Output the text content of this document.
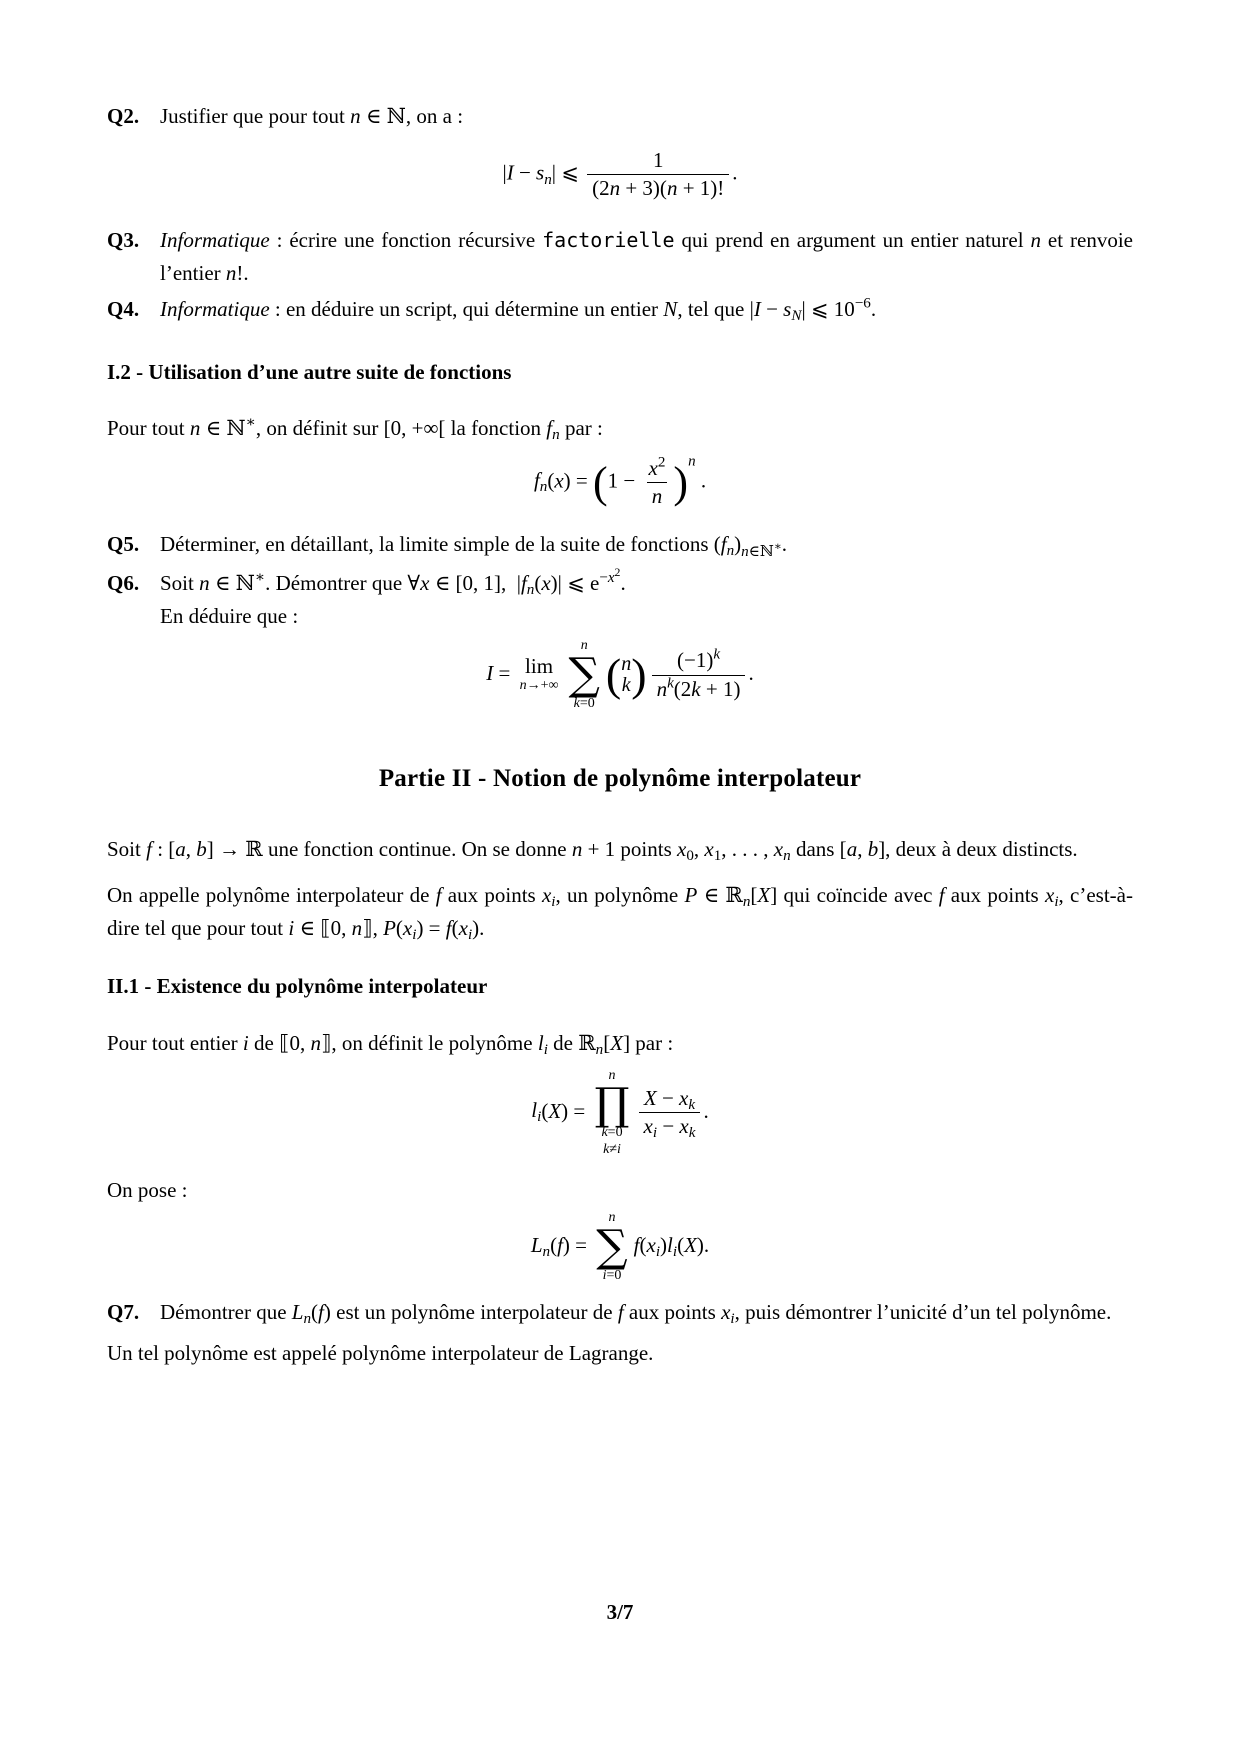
Q2. Justifier que pour tout n ∈ ℕ, on a :
$|I - s_n|$ ⩽ $\frac{1}{(2n + 3)(n + 1)!}$ .
Q3. Informatique : écrire une fonction récursive factorielle qui prend en argument un entier naturel n et renvoie l’entier n!.
Q4. Informatique : en déduire un script, qui détermine un entier N, tel que $|I - s_N|$ ⩽ $10^{-6}$.
I.2 - Utilisation d’une autre suite de fonctions
Pour tout n ∈ ℕ∗, on définit sur [0, +∞[ la fonction $f_n$ par :
$f_n(x) = (1 - \frac{x^2}{n} )^n$ .
Q5. Déterminer, en détaillant, la limite simple de la suite de fonctions $(f_n)_{n\in ℕ^∗}$.
Q6. Soit n ∈ ℕ∗. Démontrer que ∀x ∈ [0, 1],  $|f_n(x)|$ ⩽ $e^{-x^2}$.
En déduire que :
I = lim
n→+∞
n
∑
k=0
( n
k ) $\frac{(-1)^k}{n^k(2k + 1)}$ .
Partie II - Notion de polynôme interpolateur
Soit f : [a, b] → ℝ une fonction continue. On se donne n + 1 points $x_0$, $x_1$, . . . , $x_n$ dans [a, b], deux à deux distincts.
On appelle polynôme interpolateur de f aux points $x_i$, un polynôme P ∈ ℝ$_n$[X] qui coïncide avec f aux points $x_i$, c’est-à-dire tel que pour tout i ∈ ⟦0, n⟧, $P(x_i) = f(x_i)$.
II.1 - Existence du polynôme interpolateur
Pour tout entier i de ⟦0, n⟧, on définit le polynôme $l_i$ de ℝ$_n$[X] par :
$l_i(X)$ =
n
∏
k=0
k≠i
$\frac{X - x_k}{x_i - x_k}$ .
On pose :
$L_n(f)$ =
n
∑
i=0
$f(x_i)l_i(X)$.
Q7. Démontrer que $L_n(f)$ est un polynôme interpolateur de f aux points $x_i$, puis démontrer l’unicité d’un tel polynôme.
Un tel polynôme est appelé polynôme interpolateur de Lagrange.
3/7
